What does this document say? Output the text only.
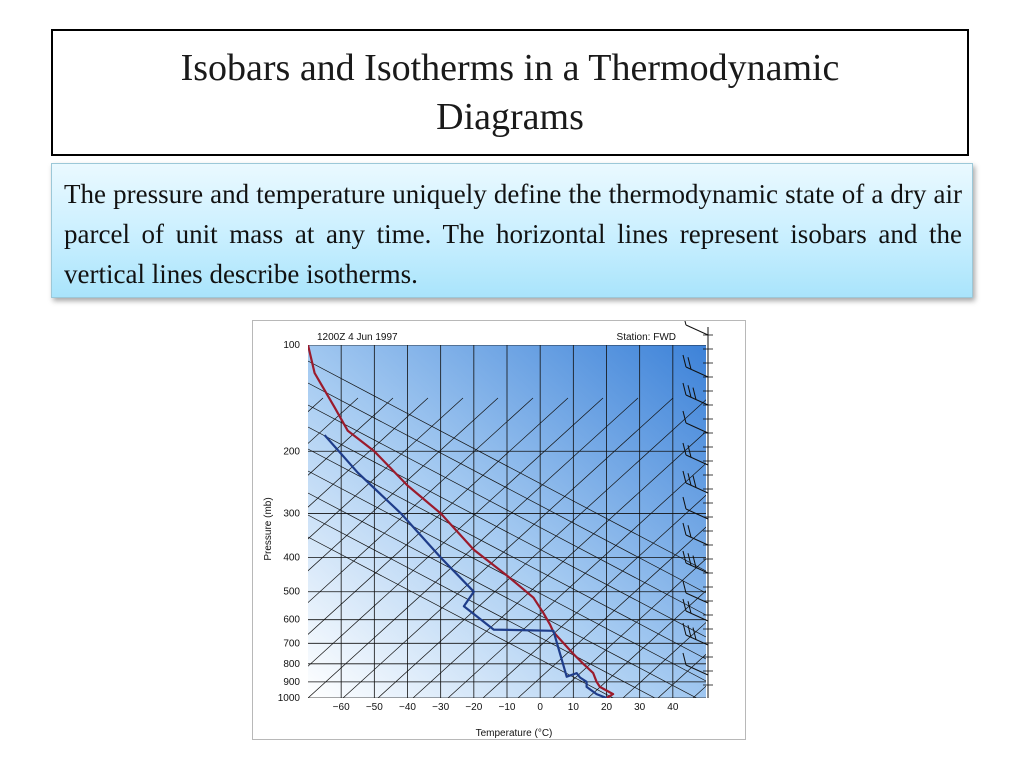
Isobars and Isotherms in a Thermodynamic Diagrams
The pressure and temperature uniquely define the thermodynamic state of a dry air parcel of unit mass at any time. The horizontal lines represent isobars and the vertical lines describe isotherms.
−60 −50 −40 −30 −20 −10 0 10 20 30 40
100
200
300
400
500
600
700
800
900
1000
1200Z 4 Jun 1997	Station: FWD
Temperature (°C)
Pressure (mb)
